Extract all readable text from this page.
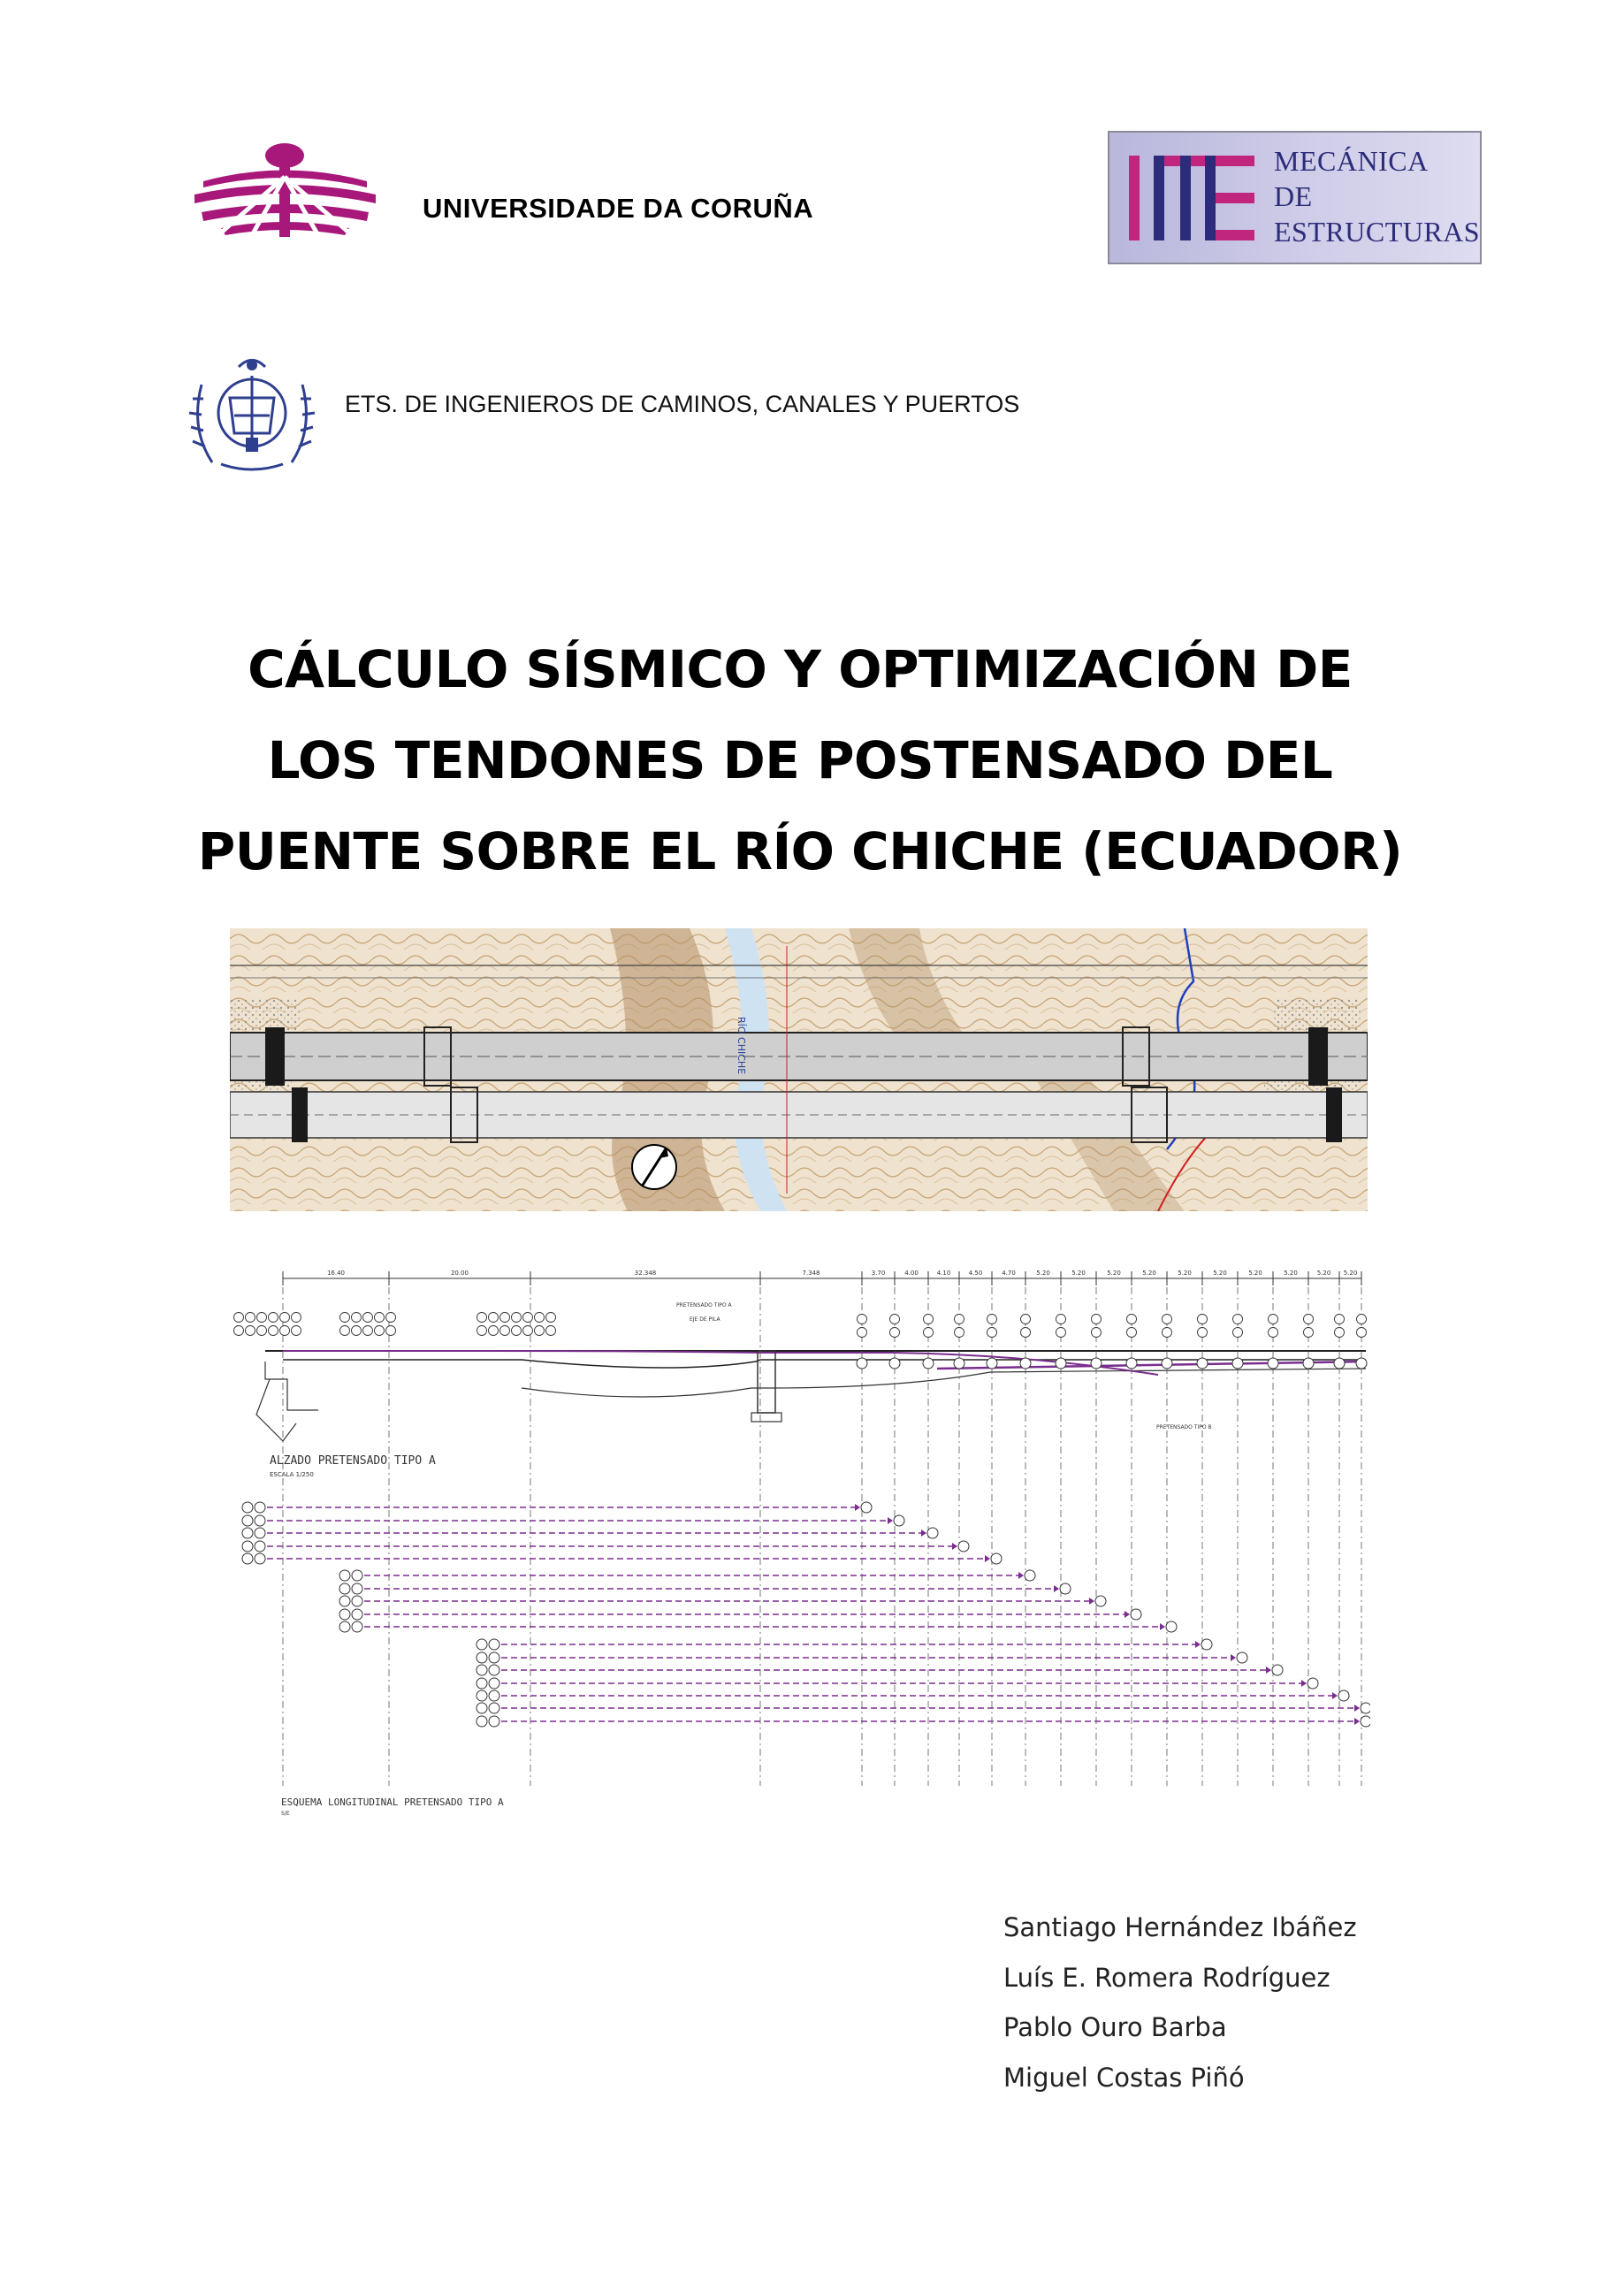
UNIVERSIDADE DA CORUÑA
MECÁNICA
DE
ESTRUCTURAS
ETS. DE INGENIEROS DE CAMINOS, CANALES Y PUERTOS
CÁLCULO SÍSMICO Y OPTIMIZACIÓN DE
LOS TENDONES DE POSTENSADO DEL
PUENTE SOBRE EL RÍO CHICHE (ECUADOR)
RÍO CHICHE
16.40	20.00	32.348	7.348	3.70	4.00	4.10	4.50	4.70	5.20	5.20	5.20	5.20	5.20	5.20	5.20	5.20	5.20 5.20
ALZADO PRETENSADO TIPO A
ESCALA 1/250
PRETENSADO TIPO A
EJE DE PILA
PRETENSADO TIPO B
ESQUEMA LONGITUDINAL PRETENSADO TIPO A
S/E
Santiago Hernández Ibáñez
Luís E. Romera Rodríguez
Pablo Ouro Barba
Miguel Costas Piñó
